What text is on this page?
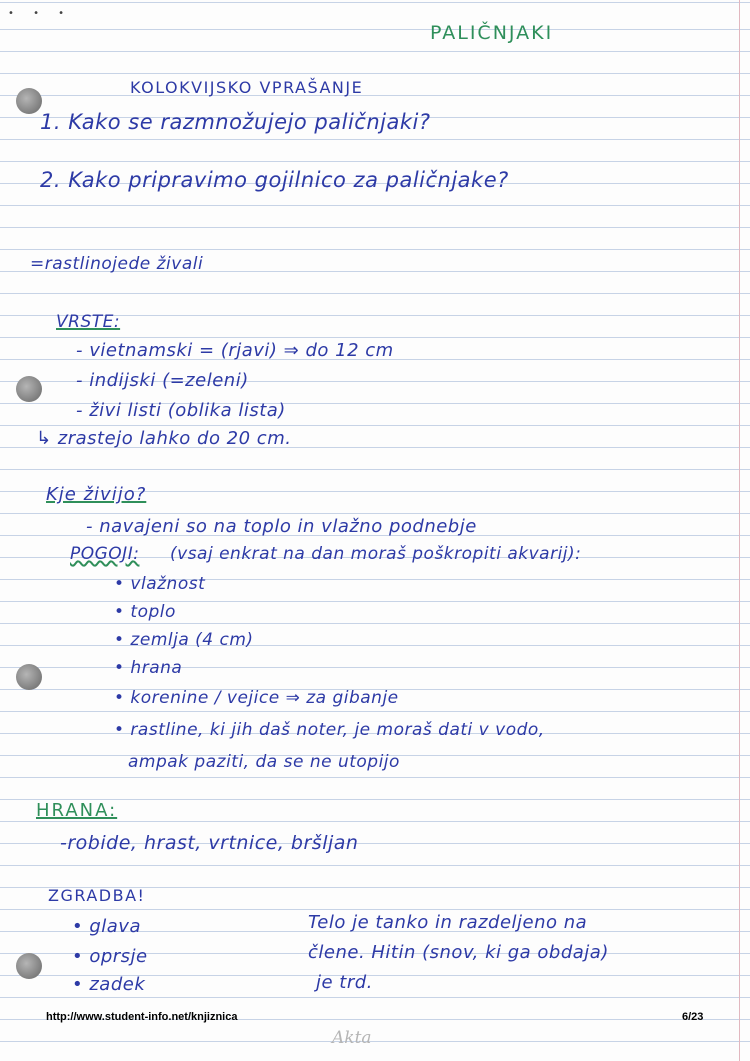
• • •
PALIČNJAKI
KOLOKVIJSKO VPRAŠANJE
1. Kako se razmnožujejo paličnjaki?
2. Kako pripravimo gojilnico za paličnjake?
=rastlinojede živali
VRSTE:
- vietnamski = (rjavi) ⇒ do 12 cm
- indijski (=zeleni)
- živi listi (oblika lista)
↳ zrastejo lahko do 20 cm.
Kje živijo?
- navajeni so na toplo in vlažno podnebje
POGOJI: (vsaj enkrat na dan moraš poškropiti akvarij):
• vlažnost
• toplo
• zemlja (4 cm)
• hrana
• korenine / vejice ⇒ za gibanje
• rastline, ki jih daš noter, je moraš dati v vodo,
ampak paziti, da se ne utopijo
HRANA:
-robide, hrast, vrtnice, bršljan
ZGRADBA!
• glava
• oprsje
• zadek
Telo je tanko in razdeljeno na
člene. Hitin (snov, ki ga obdaja)
je trd.
http://www.student-info.net/knjiznica	6/23
Akta
